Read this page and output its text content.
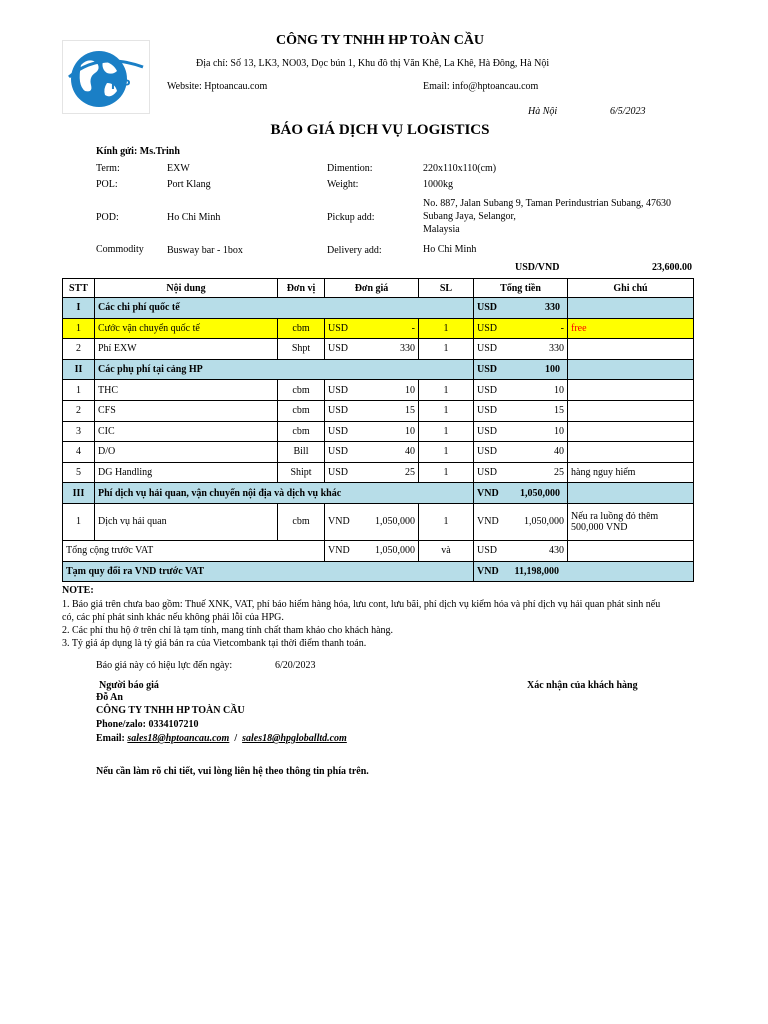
HP
CÔNG TY TNHH HP TOÀN CẦU
Địa chỉ: Số 13, LK3, NO03, Dọc bún 1, Khu đô thị Văn Khê, La Khê, Hà Đông, Hà Nội
Website: Hptoancau.com	Email: info@hptoancau.com
Hà Nội	6/5/2023
BÁO GIÁ DỊCH VỤ LOGISTICS
Kính gửi: Ms.Trinh
Term:	EXW	Dimention:	220x110x110(cm)
POL:	Port Klang	Weight:	1000kg
No. 887, Jalan Subang 9, Taman Perindustrian Subang, 47630
POD:	Ho Chi Minh	Pickup add:	Subang Jaya, Selangor,
Malaysia
Commodity Busway bar - 1box	Delivery add:	Ho Chi Minh
USD/VND	23,600.00
STT	Nội dung	Đơn vị	Đơn giá	SL	Tổng tiền	Ghi chú
I	Các chi phí quốc tế				USD 330	

1	Cước vận chuyển quốc tế	cbm	USD -	1	USD -	free
2	Phí EXW	Shpt	USD 330	1	USD 330	

II	Các phụ phí tại cảng HP				USD 100	

1	THC	cbm	USD 10	1	USD 10	

2	CFS	cbm	USD 15	1	USD 15	

3	CIC	cbm	USD 10	1	USD 10	

4	D/O	Bill	USD 40	1	USD 40	

5	DG Handling	Shipt	USD 25	1	USD 25	hàng nguy hiểm
III	Phí dịch vụ hải quan, vận chuyển nội địa và dịch vụ khác				VND 1,050,000	

1	Dịch vụ hải quan	cbm	VND 1,050,000	1	VND 1,050,000	Nếu ra luồng đỏ thêm 500,000 VND
Tổng cộng trước VAT			VND 1,050,000	và	USD 430	

Tạm quy đổi ra VND trước VAT					VND	11,198,000
NOTE:
1. Báo giá trên chưa bao gồm: Thuế XNK, VAT, phí bảo hiểm hàng hóa, lưu cont, lưu bãi, phí dịch vụ kiểm hóa và phí dịch vụ hải quan phát sinh nếu
có, các phí phát sinh khác nếu không phải lỗi của HPG.
2. Các phí thu hộ ở trên chỉ là tạm tính, mang tính chất tham khảo cho khách hàng.
3. Tỷ giá áp dụng là tỷ giá bán ra của Vietcombank tại thời điểm thanh toán.
Báo giá này có hiệu lực đến ngày:	6/20/2023
Người báo giá	Xác nhận của khách hàng
Đỗ An
CÔNG TY TNHH HP TOÀN CẦU
Phone/zalo: 0334107210
Email: sales18@hptoancau.com / sales18@hpgloballtd.com
Nếu cần làm rõ chi tiết, vui lòng liên hệ theo thông tin phía trên.
